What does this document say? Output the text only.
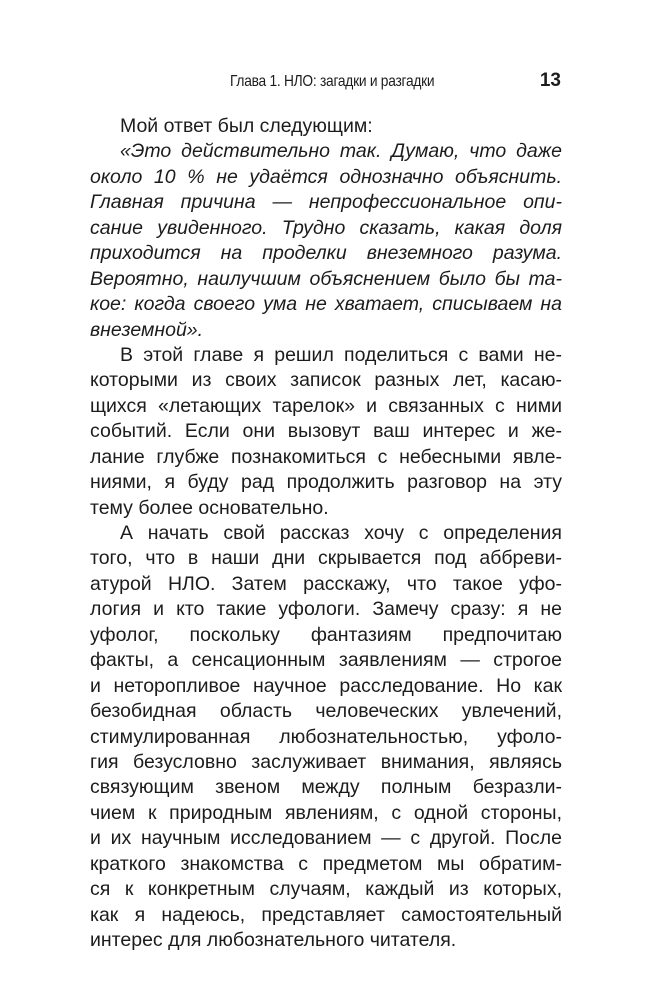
Глава 1. НЛО: загадки и разгадки	13
Мой ответ был следующим:
«Это действительно так. Думаю, что даже
около 10 % не удаётся однозначно объяснить.
Главная причина — непрофессиональное опи-
сание увиденного. Трудно сказать, какая доля
приходится на проделки внеземного разума.
Вероятно, наилучшим объяснением было бы та-
кое: когда своего ума не хватает, списываем на
внеземной».
В этой главе я решил поделиться с вами не-
которыми из своих записок разных лет, касаю-
щихся «летающих тарелок» и связанных с ними
событий. Если они вызовут ваш интерес и же-
лание глубже познакомиться с небесными явле-
ниями, я буду рад продолжить разговор на эту
тему более основательно.
А начать свой рассказ хочу с определения
того, что в наши дни скрывается под аббреви-
атурой НЛО. Затем расскажу, что такое уфо-
логия и кто такие уфологи. Замечу сразу: я не
уфолог, поскольку фантазиям предпочитаю
факты, а сенсационным заявлениям — строгое
и неторопливое научное расследование. Но как
безобидная область человеческих увлечений,
стимулированная любознательностью, уфоло-
гия безусловно заслуживает внимания, являясь
связующим звеном между полным безразли-
чием к природным явлениям, с одной стороны,
и их научным исследованием — с другой. После
краткого знакомства с предметом мы обратим-
ся к конкретным случаям, каждый из которых,
как я надеюсь, представляет самостоятельный
интерес для любознательного читателя.
